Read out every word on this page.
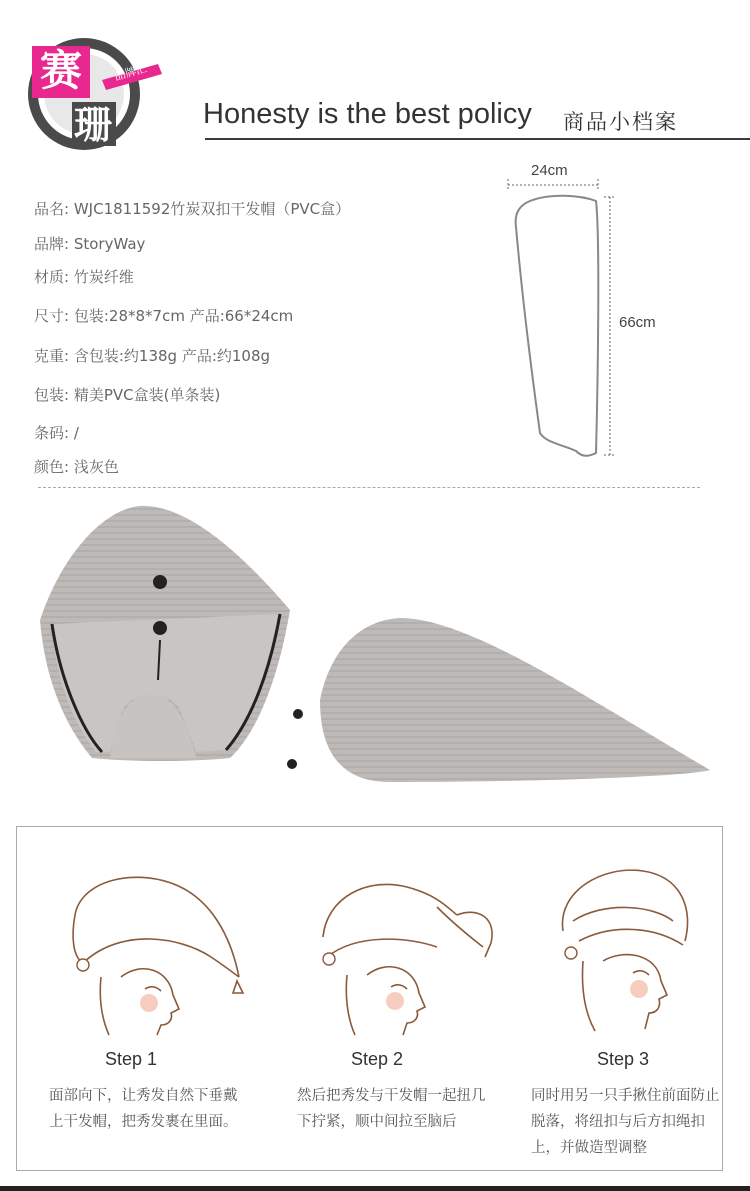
赛
珊
品牌汇
Honesty is the best policy 商品小档案
品名: WJC1811592竹炭双扣干发帽（PVC盒）
品牌: StoryWay
材质: 竹炭纤维
尺寸: 包装:28*8*7cm 产品:66*24cm
克重: 含包装:约138g 产品:约108g
包装: 精美PVC盒装(单条装)
条码: /
颜色: 浅灰色
24cm
66cm
Step 1	Step 2	Step 3
面部向下，让秀发自然下垂戴上干发帽，把秀发裹在里面。
然后把秀发与干发帽一起扭几下拧紧，顺中间拉至脑后
同时用另一只手揪住前面防止脱落，将纽扣与后方扣绳扣上，并做造型调整
